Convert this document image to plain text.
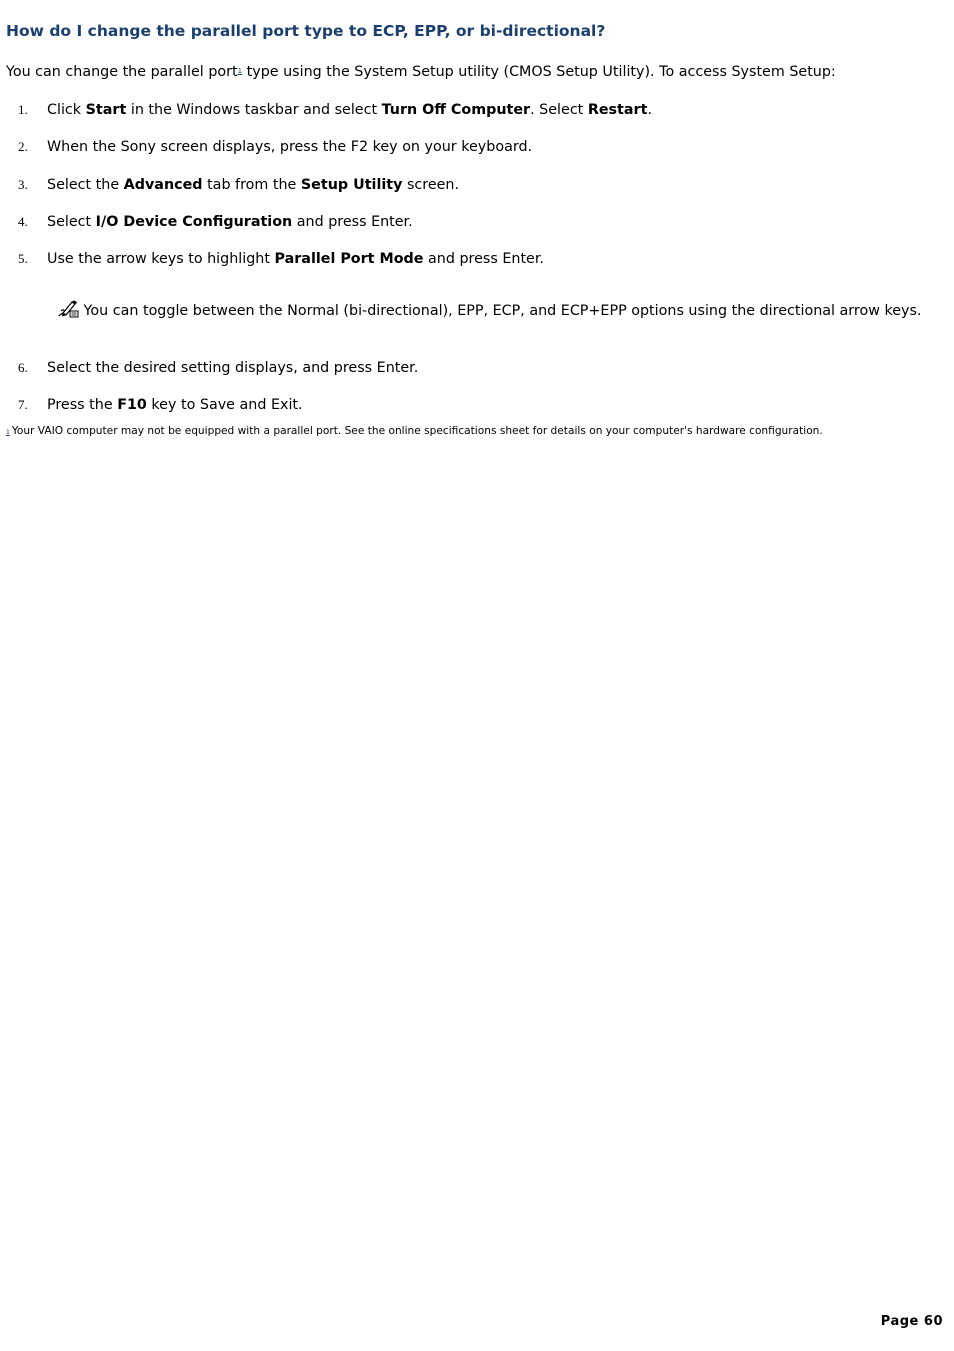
How do I change the parallel port type to ECP, EPP, or bi-directional?

You can change the parallel port$^1$ type using the System Setup utility (CMOS Setup Utility). To access System Setup:

1. Click Start in the Windows taskbar and select Turn Off Computer. Select Restart.
2. When the Sony screen displays, press the F2 key on your keyboard.
3. Select the Advanced tab from the Setup Utility screen.
4. Select I/O Device Configuration and press Enter.
5. Use the arrow keys to highlight Parallel Port Mode and press Enter.

You can toggle between the Normal (bi-directional), EPP, ECP, and ECP+EPP options using the directional arrow keys.

6. Select the desired setting displays, and press Enter.
7. Press the F10 key to Save and Exit.
1 Your VAIO computer may not be equipped with a parallel port. See the online specifications sheet for details on your computer's hardware configuration.
Page 60
